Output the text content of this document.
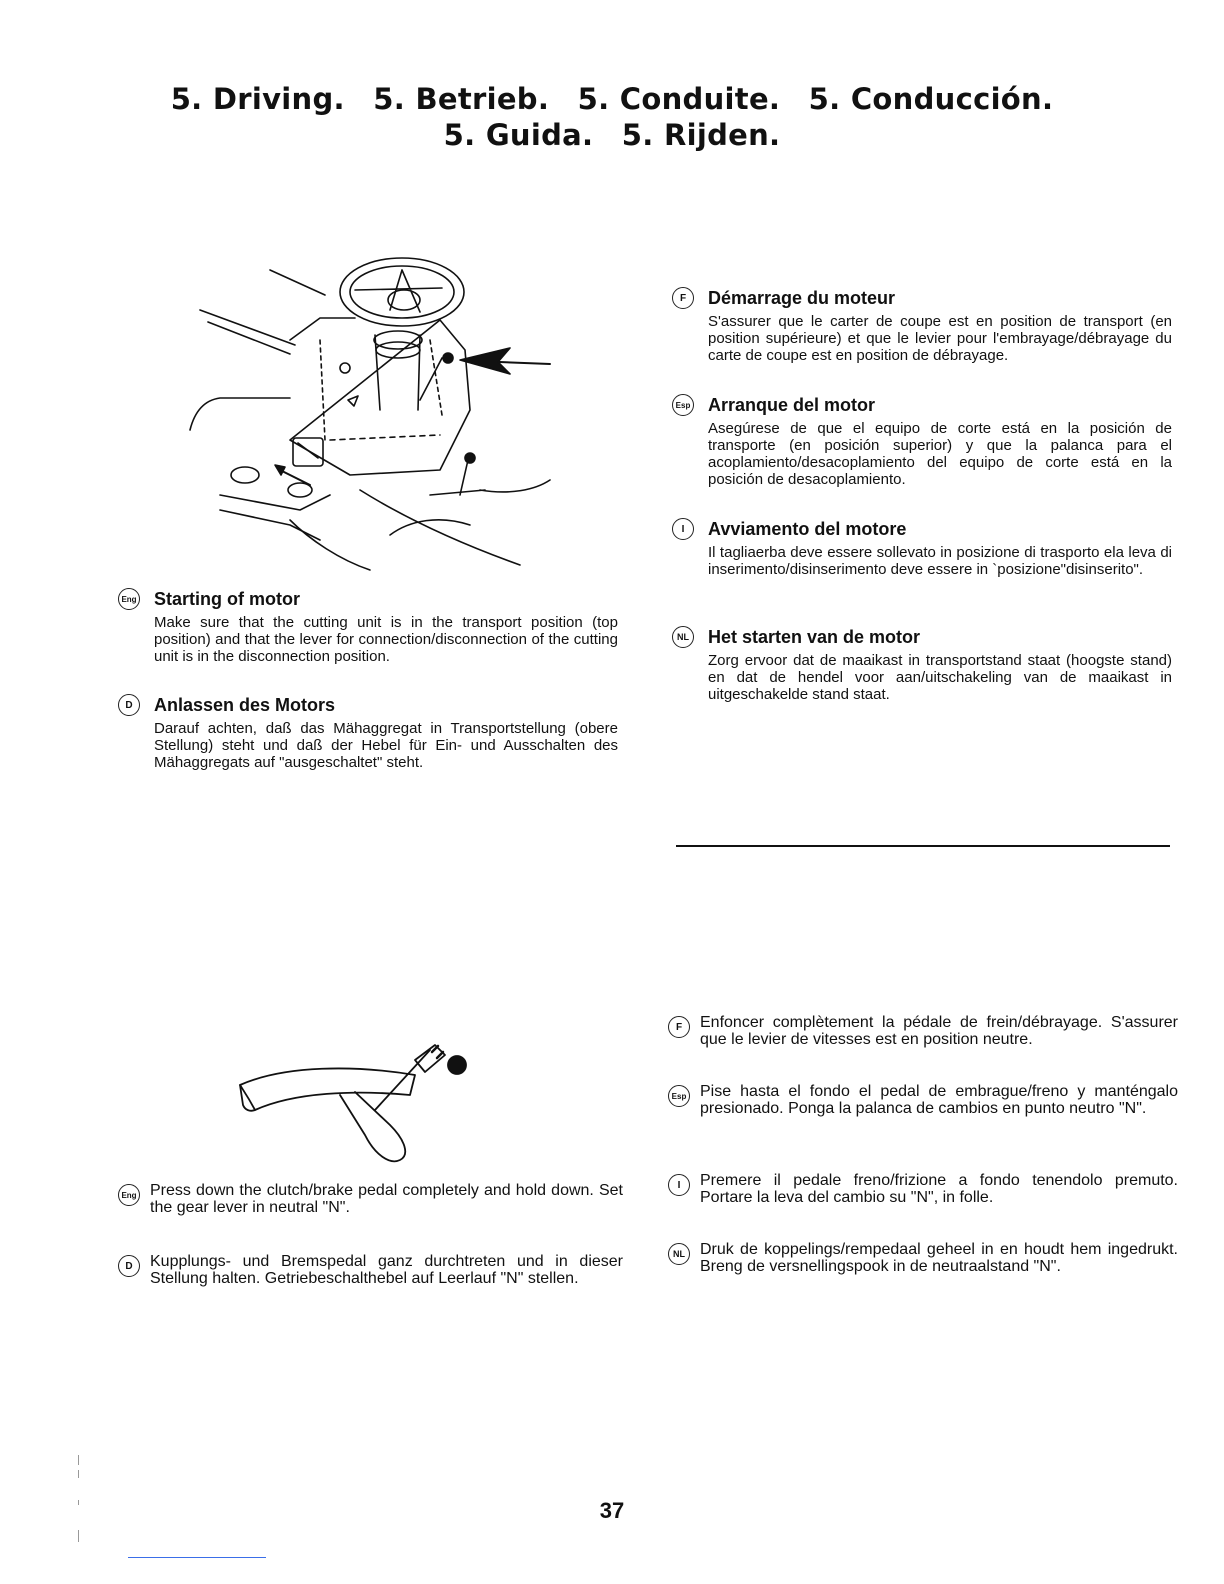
5. Driving. 5. Betrieb. 5. Conduite. 5. Conducción.
5. Guida. 5. Rijden.
Eng Starting of motor
Make sure that the cutting unit is in the transport position (top position) and that the lever for connection/disconnection of the cutting unit is in the disconnection position.
D	Anlassen des Motors
Darauf achten, daß das Mähaggregat in Transportstellung (obere Stellung) steht und daß der Hebel für Ein- und Ausschalten des Mähaggregats auf "ausgeschaltet" steht.
F	Démarrage du moteur
S'assurer que le carter de coupe est en position de transport (en position supérieure) et que le levier pour l'embrayage/débrayage du carte de coupe est en position de débrayage.
Esp Arranque del motor
Asegúrese de que el equipo de corte está en la posición de transporte (en posición superior) y que la palanca para el acoplamiento/desacoplamiento del equipo de corte está en la posición de desacoplamiento.
I	Avviamento del motore
Il tagliaerba deve essere sollevato in posizione di trasporto ela leva di inserimento/disinserimento deve essere in `posizione"disinserito".
NL Het starten van de motor
Zorg ervoor dat de maaikast in transportstand staat (hoogste stand) en dat de hendel voor aan/uitschakeling van de maaikast in uitgeschakelde stand staat.
Eng Press down the clutch/brake pedal completely and hold down. Set the gear lever in neutral "N".
D	Kupplungs- und Bremspedal ganz durchtreten und in dieser Stellung halten. Getriebeschalthebel auf Leerlauf "N" stellen.
F	Enfoncer complètement la pédale de frein/débrayage. S'assurer que le levier de vitesses est en position neutre.
Esp Pise hasta el fondo el pedal de embrague/freno y manténgalo presionado. Ponga la palanca de cambios en punto neutro "N".
I	Premere il pedale freno/frizione a fondo tenendolo premuto. Portare la leva del cambio su "N", in folle.
NL Druk de koppelings/rempedaal geheel in en houdt hem ingedrukt. Breng de versnellingspook in de neutraalstand "N".
37
